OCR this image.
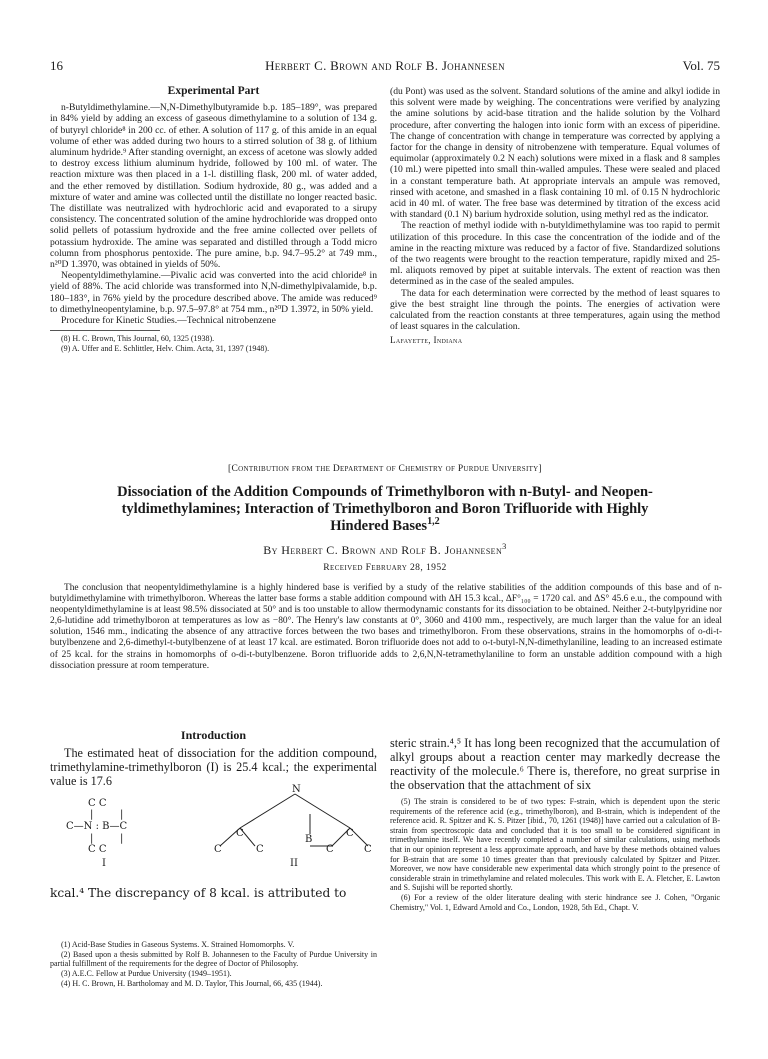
16	Herbert C. Brown and Rolf B. Johannesen	Vol. 75
Experimental Part

n-Butyldimethylamine.—N,N-Dimethylbutyramide b.p. 185–189°, was prepared in 84% yield by adding an excess of gaseous dimethylamine to a solution of 134 g. of butyryl chloride⁸ in 200 cc. of ether. A solution of 117 g. of this amide in an equal volume of ether was added during two hours to a stirred solution of 38 g. of lithium aluminum hydride.⁹ After standing overnight, an excess of acetone was slowly added to destroy excess lithium aluminum hydride, followed by 100 ml. of water. The reaction mixture was then placed in a 1-l. distilling flask, 200 ml. of water added, and the ether removed by distillation. Sodium hydroxide, 80 g., was added and a mixture of water and amine was collected until the distillate no longer reacted basic. The distillate was neutralized with hydrochloric acid and evaporated to a sirupy consistency. The concentrated solution of the amine hydrochloride was dropped onto solid pellets of potassium hydroxide and the free amine collected over pellets of potassium hydroxide. The amine was separated and distilled through a Todd micro column from phosphorus pentoxide. The pure amine, b.p. 94.7–95.2° at 749 mm., n²⁰D 1.3970, was obtained in yields of 50%.

Neopentyldimethylamine.—Pivalic acid was converted into the acid chloride⁸ in yield of 88%. The acid chloride was transformed into N,N-dimethylpivalamide, b.p. 180–183°, in 76% yield by the procedure described above. The amide was reduced⁹ to dimethylneopentylamine, b.p. 97.5–97.8° at 754 mm., n²⁰D 1.3972, in 50% yield.

Procedure for Kinetic Studies.—Technical nitrobenzene

(8) H. C. Brown, This Journal, 60, 1325 (1938).

(9) A. Uffer and E. Schlittler, Helv. Chim. Acta, 31, 1397 (1948).

(du Pont) was used as the solvent. Standard solutions of the amine and alkyl iodide in this solvent were made by weighing. The concentrations were verified by analyzing the amine solutions by acid-base titration and the halide solution by the Volhard procedure, after converting the halogen into ionic form with an excess of piperidine. The change of concentration with change in temperature was corrected by applying a factor for the change in density of nitrobenzene with temperature. Equal volumes of equimolar (approximately 0.2 N each) solutions were mixed in a flask and 8 samples (10 ml.) were pipetted into small thin-walled ampules. These were sealed and placed in a constant temperature bath. At appropriate intervals an ampule was removed, rinsed with acetone, and smashed in a flask containing 10 ml. of 0.15 N hydrochloric acid in 40 ml. of water. The free base was determined by titration of the excess acid with standard (0.1 N) barium hydroxide solution, using methyl red as the indicator.

The reaction of methyl iodide with n-butyldimethylamine was too rapid to permit utilization of this procedure. In this case the concentration of the iodide and of the amine in the reacting mixture was reduced by a factor of five. Standardized solutions of the two reagents were brought to the reaction temperature, rapidly mixed and 25-ml. aliquots removed by pipet at suitable intervals. The extent of reaction was then determined as in the case of the sealed ampules.

The data for each determination were corrected by the method of least squares to give the best straight line through the points. The energies of activation were calculated from the reaction constants at three temperatures, again using the method of least squares in the calculation.

Lafayette, Indiana
[Contribution from the Department of Chemistry of Purdue University]
Dissociation of the Addition Compounds of Trimethylboron with n-Butyl- and Neopen-
tyldimethylamines; Interaction of Trimethylboron and Boron Trifluoride with Highly
Hindered Bases$^{1,2}$
By Herbert C. Brown and Rolf B. Johannesen$^3$
Received February 28, 1952

The conclusion that neopentyldimethylamine is a highly hindered base is verified by a study of the relative stabilities of the addition compounds of this base and of n-butyldimethylamine with trimethylboron. Whereas the latter base forms a stable addition compound with ΔH 15.3 kcal., ΔF°₁₀₀ = 1720 cal. and ΔS° 45.6 e.u., the compound with neopentyldimethylamine is at least 98.5% dissociated at 50° and is too unstable to allow thermodynamic constants for its dissociation to be obtained. Neither 2-t-butylpyridine nor 2,6-lutidine add trimethylboron at temperatures as low as −80°. The Henry's law constants at 0°, 3060 and 4100 mm., respectively, are much larger than the value for an ideal solution, 1546 mm., indicating the absence of any attractive forces between the two bases and trimethylboron. From these observations, strains in the homomorphs of o-di-t-butylbenzene and 2,6-dimethyl-t-butylbenzene of at least 17 kcal. are estimated. Boron trifluoride does not add to o-t-butyl-N,N-dimethylaniline, leading to an increased estimate of 25 kcal. for the strains in homomorphs of o-di-t-butylbenzene. Boron trifluoride adds to 2,6,N,N-tetramethylaniline to form an unstable addition compound with a high dissociation pressure at room temperature.

Introduction

The estimated heat of dissociation for the addition compound, trimethylamine-trimethylboron (I) is 25.4 kcal.; the experimental value is 17.6

C C
|	|
C—N : B—C
|	|
C C
I
N
C
C	C
B
C
C
C
II

kcal.⁴ The discrepancy of 8 kcal. is attributed to

(1) Acid-Base Studies in Gaseous Systems. X. Strained Homomorphs. V.

(2) Based upon a thesis submitted by Rolf B. Johannesen to the Faculty of Purdue University in partial fulfillment of the requirements for the degree of Doctor of Philosophy.

(3) A.E.C. Fellow at Purdue University (1949–1951).

(4) H. C. Brown, H. Bartholomay and M. D. Taylor, This Journal, 66, 435 (1944).

steric strain.⁴,⁵ It has long been recognized that the accumulation of alkyl groups about a reaction center may markedly decrease the reactivity of the molecule.⁶ There is, therefore, no great surprise in the observation that the attachment of six

(5) The strain is considered to be of two types: F-strain, which is dependent upon the steric requirements of the reference acid (e.g., trimethylboron), and B-strain, which is independent of the reference acid. R. Spitzer and K. S. Pitzer [ibid., 70, 1261 (1948)] have carried out a calculation of B-strain from spectroscopic data and concluded that it is too small to be considered significant in trimethylamine itself. We have recently completed a number of similar calculations, using methods that in our opinion represent a less approximate approach, and have by these methods obtained values for B-strain that are some 10 times greater than that previously calculated by Spitzer and Pitzer. Moreover, we now have considerable new experimental data which strongly point to the presence of considerable strain in trimethylamine and related molecules. This work with E. A. Fletcher, E. Lawton and S. Sujishi will be reported shortly.

(6) For a review of the older literature dealing with steric hindrance see J. Cohen, "Organic Chemistry," Vol. 1, Edward Arnold and Co., London, 1928, 5th Ed., Chapt. V.
